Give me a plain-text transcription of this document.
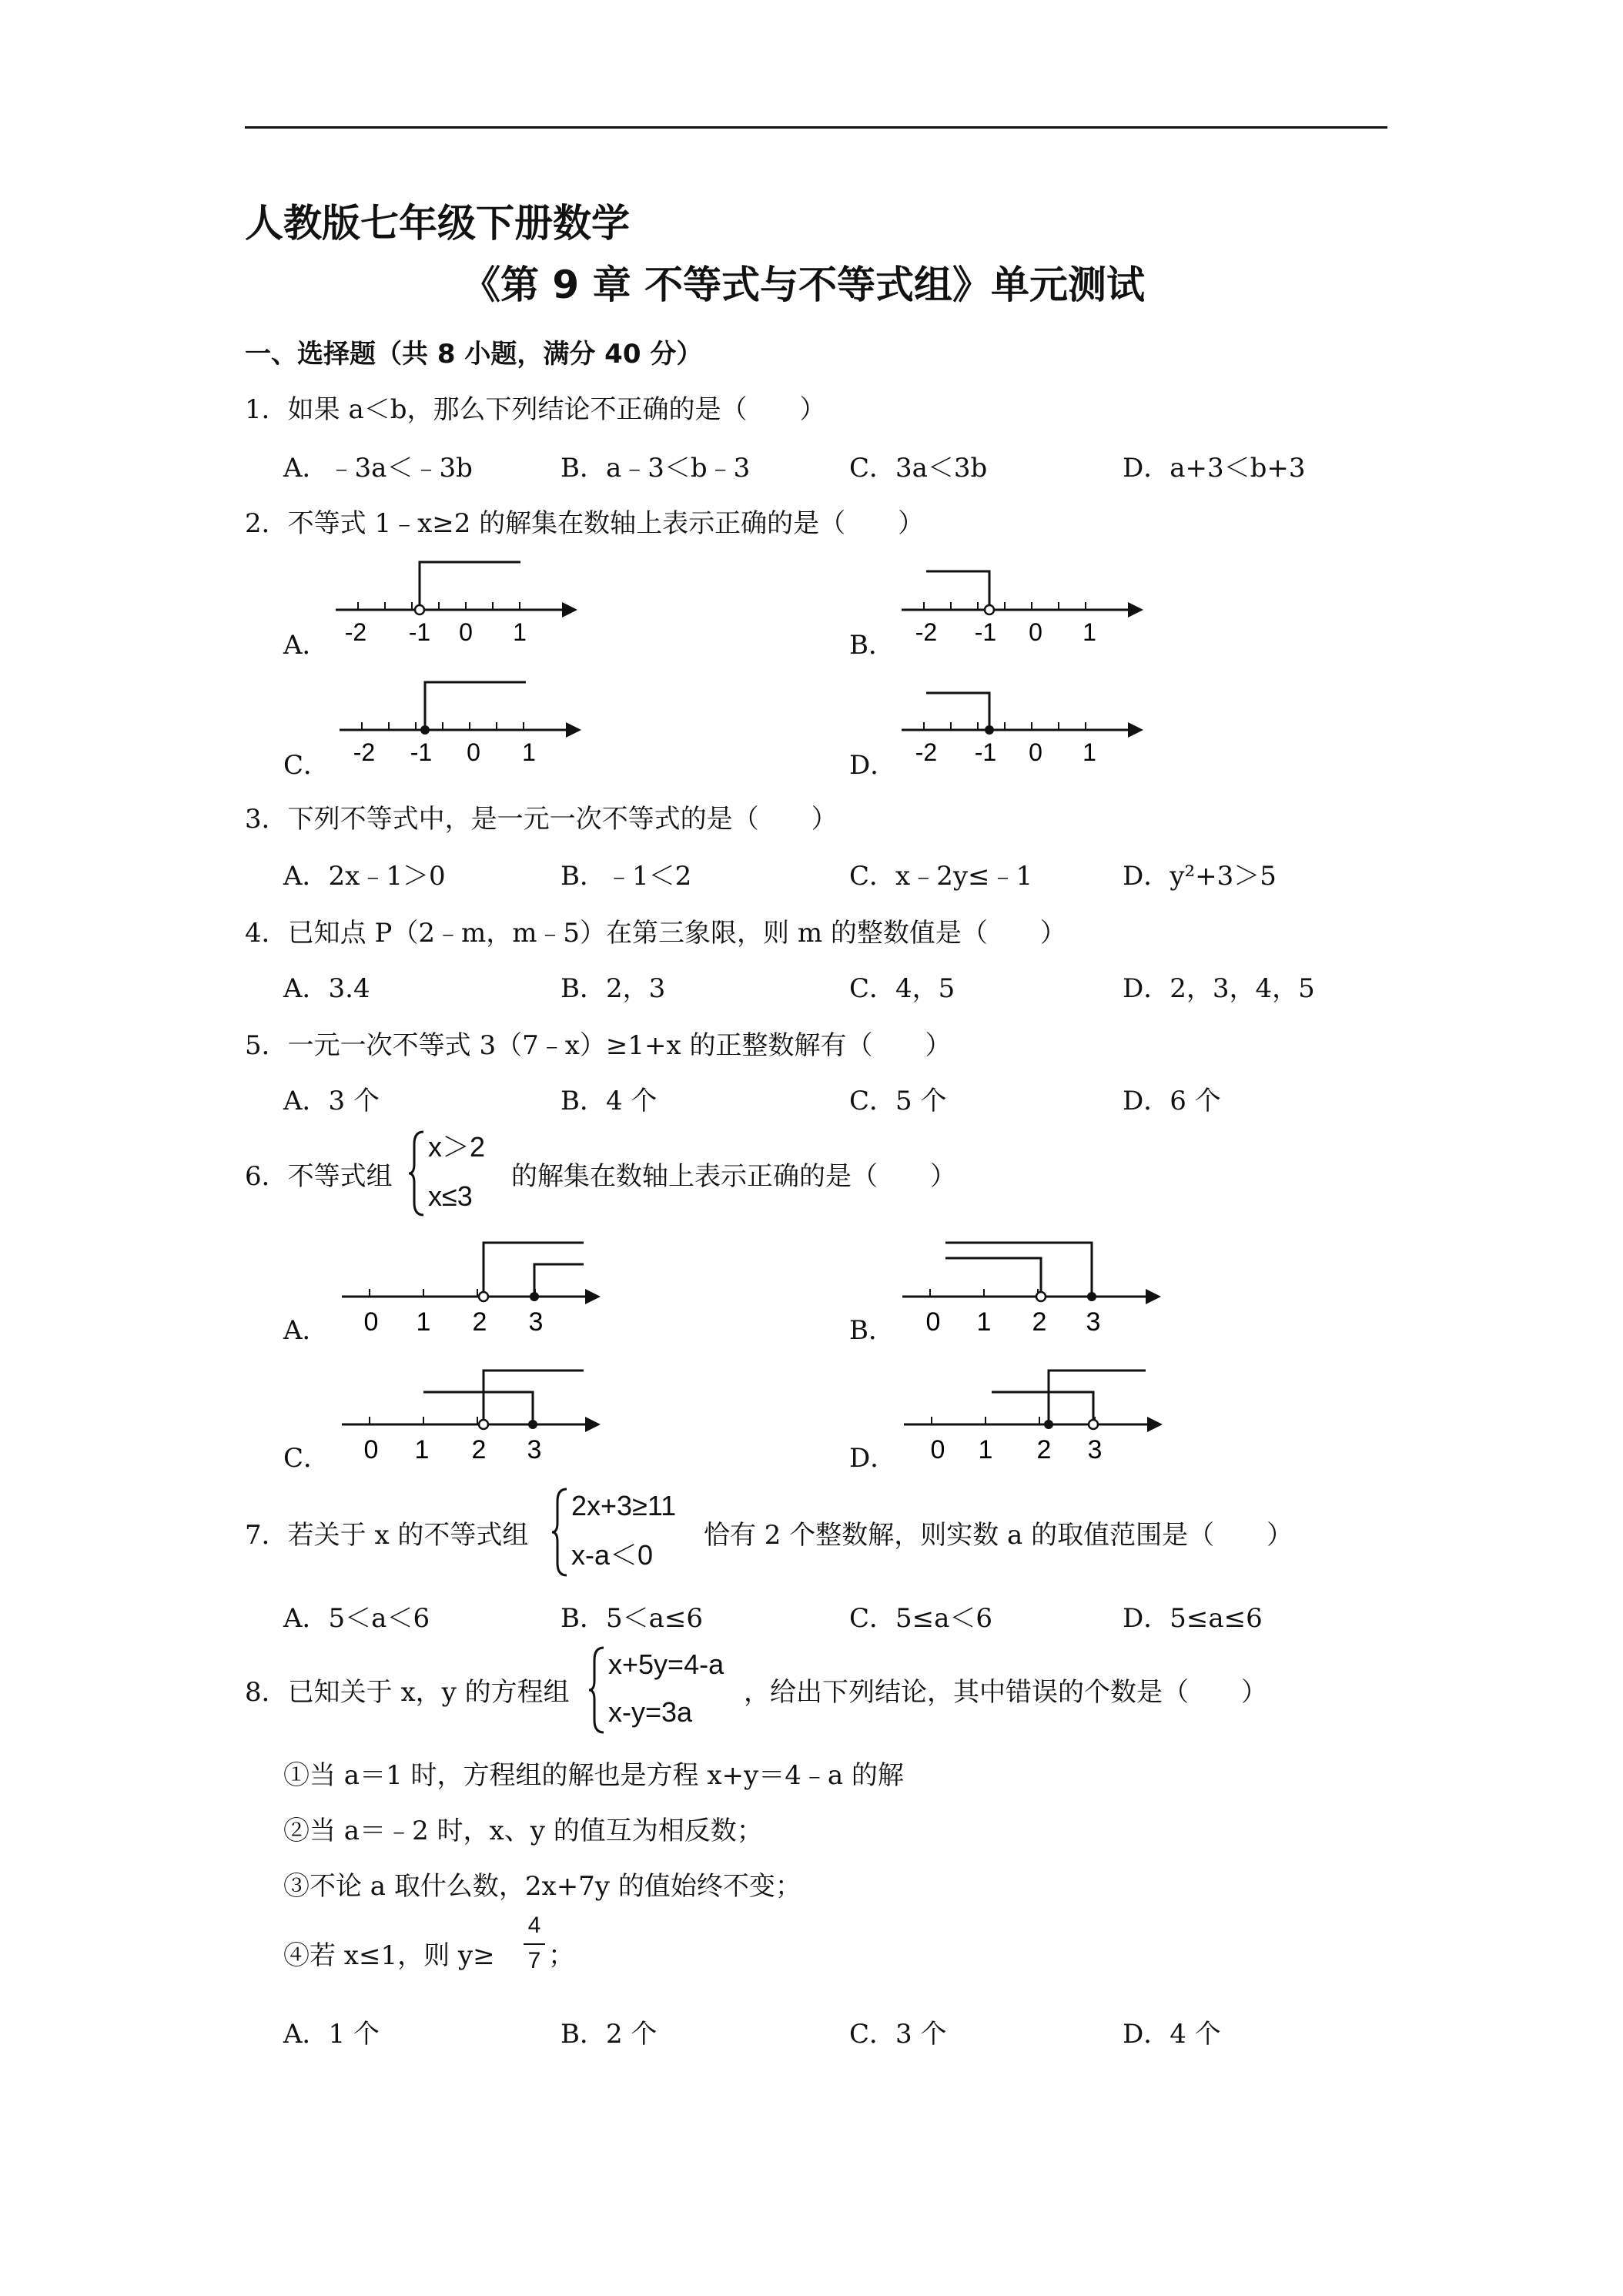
人教版七年级下册数学
《第 9 章 不等式与不等式组》单元测试
一、选择题（共 8 小题，满分 40 分）
1．如果 a＜b，那么下列结论不正确的是（　　）
A．﹣3a＜﹣3b	B．a﹣3＜b﹣3	C．3a＜3b	D．a+3＜b+3
2．不等式 1﹣x≥2 的解集在数轴上表示正确的是（　　）
A．	B．
C．	D．
-2 -1 0 1	-2 -1 0 1
-2 -1 0 1	-2 -1 0 1
3．下列不等式中，是一元一次不等式的是（　　）
A．2x﹣1＞0	B．﹣1＜2	C．x﹣2y≤﹣1	D．y²+3＞5
4．已知点 P（2﹣m，m﹣5）在第三象限，则 m 的整数值是（　　）
A．3.4	B．2，3	C．4，5	D．2，3，4，5
5．一元一次不等式 3（7﹣x）≥1+x 的正整数解有（　　）
A．3 个	B．4 个	C．5 个	D．6 个
6．不等式组
x＞2
x≤3
的解集在数轴上表示正确的是（　　）
A．	B．
C．	D．
0 1 2 3	0 1 2 3
0 1 2 3	0 1 2 3
7．若关于 x 的不等式组
2x+3≥11
x-a＜0
恰有 2 个整数解，则实数 a 的取值范围是（　　）
A．5＜a＜6	B．5＜a≤6	C．5≤a＜6	D．5≤a≤6
8．已知关于 x，y 的方程组
x+5y=4-a
x-y=3a
，给出下列结论，其中错误的个数是（　　）
①当 a＝1 时，方程组的解也是方程 x+y＝4﹣a 的解
②当 a＝﹣2 时，x、y 的值互为相反数；
③不论 a 取什么数，2x+7y 的值始终不变；
④若 x≤1，则 y≥
4
7 ；
A．1 个	B．2 个	C．3 个	D．4 个
